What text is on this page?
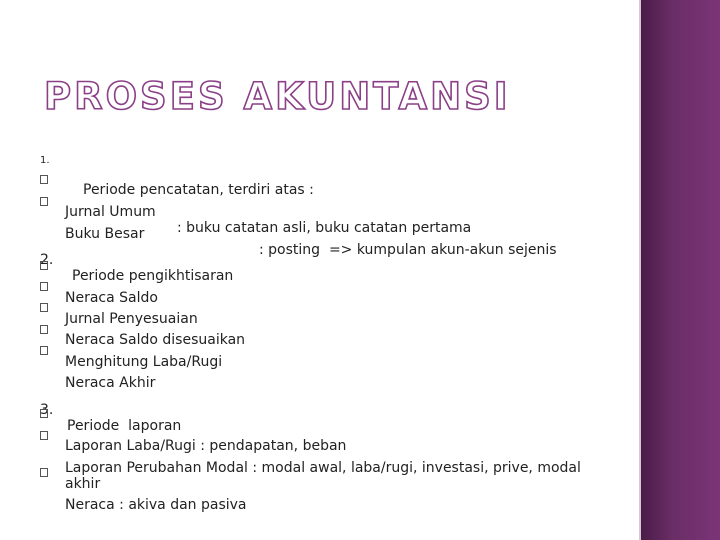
PROSES AKUNTANSI

1.

Periode pencatatan, terdiri atas :

Jurnal Umum

: buku catatan asli, buku catatan pertama

Buku Besar

: posting  => kumpulan akun-akun sejenis

2.

Periode pengikhtisaran

Neraca Saldo

Jurnal Penyesuaian

Neraca Saldo disesuaikan

Menghitung Laba/Rugi

Neraca Akhir

3.

Periode  laporan

Laporan Laba/Rugi : pendapatan, beban

Laporan Perubahan Modal : modal awal, laba/rugi, investasi, prive, modal akhir

Neraca : akiva dan pasiva
